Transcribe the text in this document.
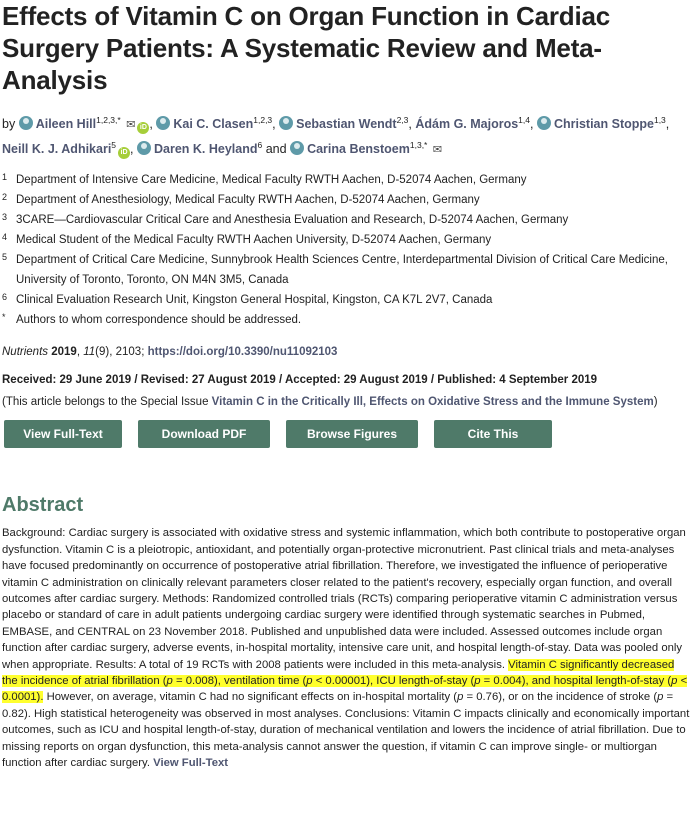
Effects of Vitamin C on Organ Function in Cardiac Surgery Patients: A Systematic Review and Meta-Analysis
by Aileen Hill$^{1,2,3,*}$ ✉ iD , Kai C. Clasen$^{1,2,3}$, Sebastian Wendt$^{2,3}$, Ádám G. Majoros$^{1,4}$, Christian Stoppe$^{1,3}$, Neill K. J. Adhikari$^5$iD , Daren K. Heyland$^6$ and Carina Benstoem$^{1,3,*}$ ✉
1 Department of Intensive Care Medicine, Medical Faculty RWTH Aachen, D-52074 Aachen, Germany
2 Department of Anesthesiology, Medical Faculty RWTH Aachen, D-52074 Aachen, Germany
3 3CARE—Cardiovascular Critical Care and Anesthesia Evaluation and Research, D-52074 Aachen, Germany
4 Medical Student of the Medical Faculty RWTH Aachen University, D-52074 Aachen, Germany
5 Department of Critical Care Medicine, Sunnybrook Health Sciences Centre, Interdepartmental Division of Critical Care Medicine, University of Toronto, Toronto, ON M4N 3M5, Canada
6 Clinical Evaluation Research Unit, Kingston General Hospital, Kingston, CA K7L 2V7, Canada
* Authors to whom correspondence should be addressed.
Nutrients 2019, 11(9), 2103; https://doi.org/10.3390/nu11092103
Received: 29 June 2019 / Revised: 27 August 2019 / Accepted: 29 August 2019 / Published: 4 September 2019
(This article belongs to the Special Issue Vitamin C in the Critically Ill, Effects on Oxidative Stress and the Immune System)
View Full-Text	Download PDF	Browse Figures	Cite This Paper
Abstract
Background: Cardiac surgery is associated with oxidative stress and systemic inflammation, which both contribute to postoperative organ dysfunction. Vitamin C is a pleiotropic, antioxidant, and potentially organ-protective micronutrient. Past clinical trials and meta-analyses have focused predominantly on occurrence of postoperative atrial fibrillation. Therefore, we investigated the influence of perioperative vitamin C administration on clinically relevant parameters closer related to the patient's recovery, especially organ function, and overall outcomes after cardiac surgery. Methods: Randomized controlled trials (RCTs) comparing perioperative vitamin C administration versus placebo or standard of care in adult patients undergoing cardiac surgery were identified through systematic searches in Pubmed, EMBASE, and CENTRAL on 23 November 2018. Published and unpublished data were included. Assessed outcomes include organ function after cardiac surgery, adverse events, in-hospital mortality, intensive care unit, and hospital length-of-stay. Data was pooled only when appropriate. Results: A total of 19 RCTs with 2008 patients were included in this meta-analysis. Vitamin C significantly decreased the incidence of atrial fibrillation (p = 0.008), ventilation time (p < 0.00001), ICU length-of-stay (p = 0.004), and hospital length-of-stay (p < 0.0001). However, on average, vitamin C had no significant effects on in-hospital mortality (p = 0.76), or on the incidence of stroke (p = 0.82). High statistical heterogeneity was observed in most analyses. Conclusions: Vitamin C impacts clinically and economically important outcomes, such as ICU and hospital length-of-stay, duration of mechanical ventilation and lowers the incidence of atrial fibrillation. Due to missing reports on organ dysfunction, this meta-analysis cannot answer the question, if vitamin C can improve single- or multiorgan function after cardiac surgery. View Full-Text
